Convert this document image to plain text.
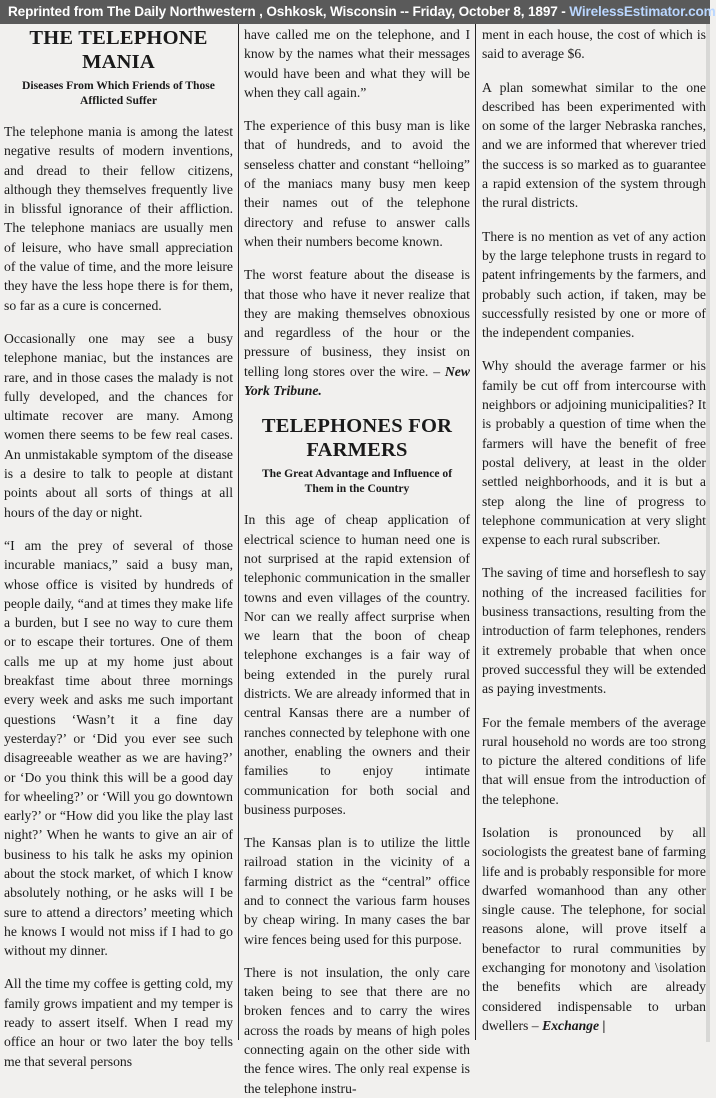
Reprinted from The Daily Northwestern , Oshkosk, Wisconsin -- Friday, October 8, 1897 - WirelessEstimator.com
THE TELEPHONE MANIA
Diseases From Which Friends of Those Afflicted Suffer

The telephone mania is among the latest negative results of modern inventions, and dread to their fellow citizens, although they themselves frequently live in blissful ignorance of their affliction. The telephone maniacs are usually men of leisure, who have small appreciation of the value of time, and the more leisure they have the less hope there is for them, so far as a cure is concerned.

Occasionally one may see a busy telephone maniac, but the instances are rare, and in those cases the malady is not fully developed, and the chances for ultimate recover are many. Among women there seems to be few real cases. An unmistakable symptom of the disease is a desire to talk to people at distant points about all sorts of things at all hours of the day or night.

“I am the prey of several of those incurable maniacs,” said a busy man, whose office is visited by hundreds of people daily, “and at times they make life a burden, but I see no way to cure them or to escape their tortures. One of them calls me up at my home just about breakfast time about three mornings every week and asks me such important questions ‘Wasn’t it a fine day yesterday?’ or ‘Did you ever see such disagreeable weather as we are having?’ or ‘Do you think this will be a good day for wheeling?’ or ‘Will you go downtown early?’ or “How did you like the play last night?’ When he wants to give an air of business to his talk he asks my opinion about the stock market, of which I know absolutely nothing, or he asks will I be sure to attend a directors’ meeting which he knows I would not miss if I had to go without my dinner.

All the time my coffee is getting cold, my family grows impatient and my temper is ready to assert itself. When I read my office an hour or two later the boy tells me that several persons

have called me on the telephone, and I know by the names what their messages would have been and what they will be when they call again.”

The experience of this busy man is like that of hundreds, and to avoid the senseless chatter and constant “helloing” of the maniacs many busy men keep their names out of the telephone directory and refuse to answer calls when their numbers become known.

The worst feature about the disease is that those who have it never realize that they are making themselves obnoxious and regardless of the hour or the pressure of business, they insist on telling long stores over the wire. – New York Tribune.

TELEPHONES FOR FARMERS
The Great Advantage and Influence of Them in the Country

In this age of cheap application of electrical science to human need one is not surprised at the rapid extension of telephonic communication in the smaller towns and even villages of the country. Nor can we really affect surprise when we learn that the boon of cheap telephone exchanges is a fair way of being extended in the purely rural districts. We are already informed that in central Kansas there are a number of ranches connected by telephone with one another, enabling the owners and their families to enjoy intimate communication for both social and business purposes.

The Kansas plan is to utilize the little railroad station in the vicinity of a farming district as the “central” office and to connect the various farm houses by cheap wiring. In many cases the bar wire fences being used for this purpose.

There is not insulation, the only care taken being to see that there are no broken fences and to carry the wires across the roads by means of high poles connecting again on the other side with the fence wires. The only real expense is the telephone instru-

ment in each house, the cost of which is said to average $6.

A plan somewhat similar to the one described has been experimented with on some of the larger Nebraska ranches, and we are informed that wherever tried the success is so marked as to guarantee a rapid extension of the system through the rural districts.

There is no mention as vet of any action by the large telephone trusts in regard to patent infringements by the farmers, and probably such action, if taken, may be successfully resisted by one or more of the independent companies.

Why should the average farmer or his family be cut off from intercourse with neighbors or adjoining municipalities? It is probably a question of time when the farmers will have the benefit of free postal delivery, at least in the older settled neighborhoods, and it is but a step along the line of progress to telephone communication at very slight expense to each rural subscriber.

The saving of time and horseflesh to say nothing of the increased facilities for business transactions, resulting from the introduction of farm telephones, renders it extremely probable that when once proved successful they will be extended as paying investments.

For the female members of the average rural household no words are too strong to picture the altered conditions of life that will ensue from the introduction of the telephone.

Isolation is pronounced by all sociologists the greatest bane of farming life and is probably responsible for more dwarfed womanhood than any other single cause. The telephone, for social reasons alone, will prove itself a benefactor to rural communities by exchanging for monotony and \isolation the benefits which are already considered indispensable to urban dwellers – Exchange |
